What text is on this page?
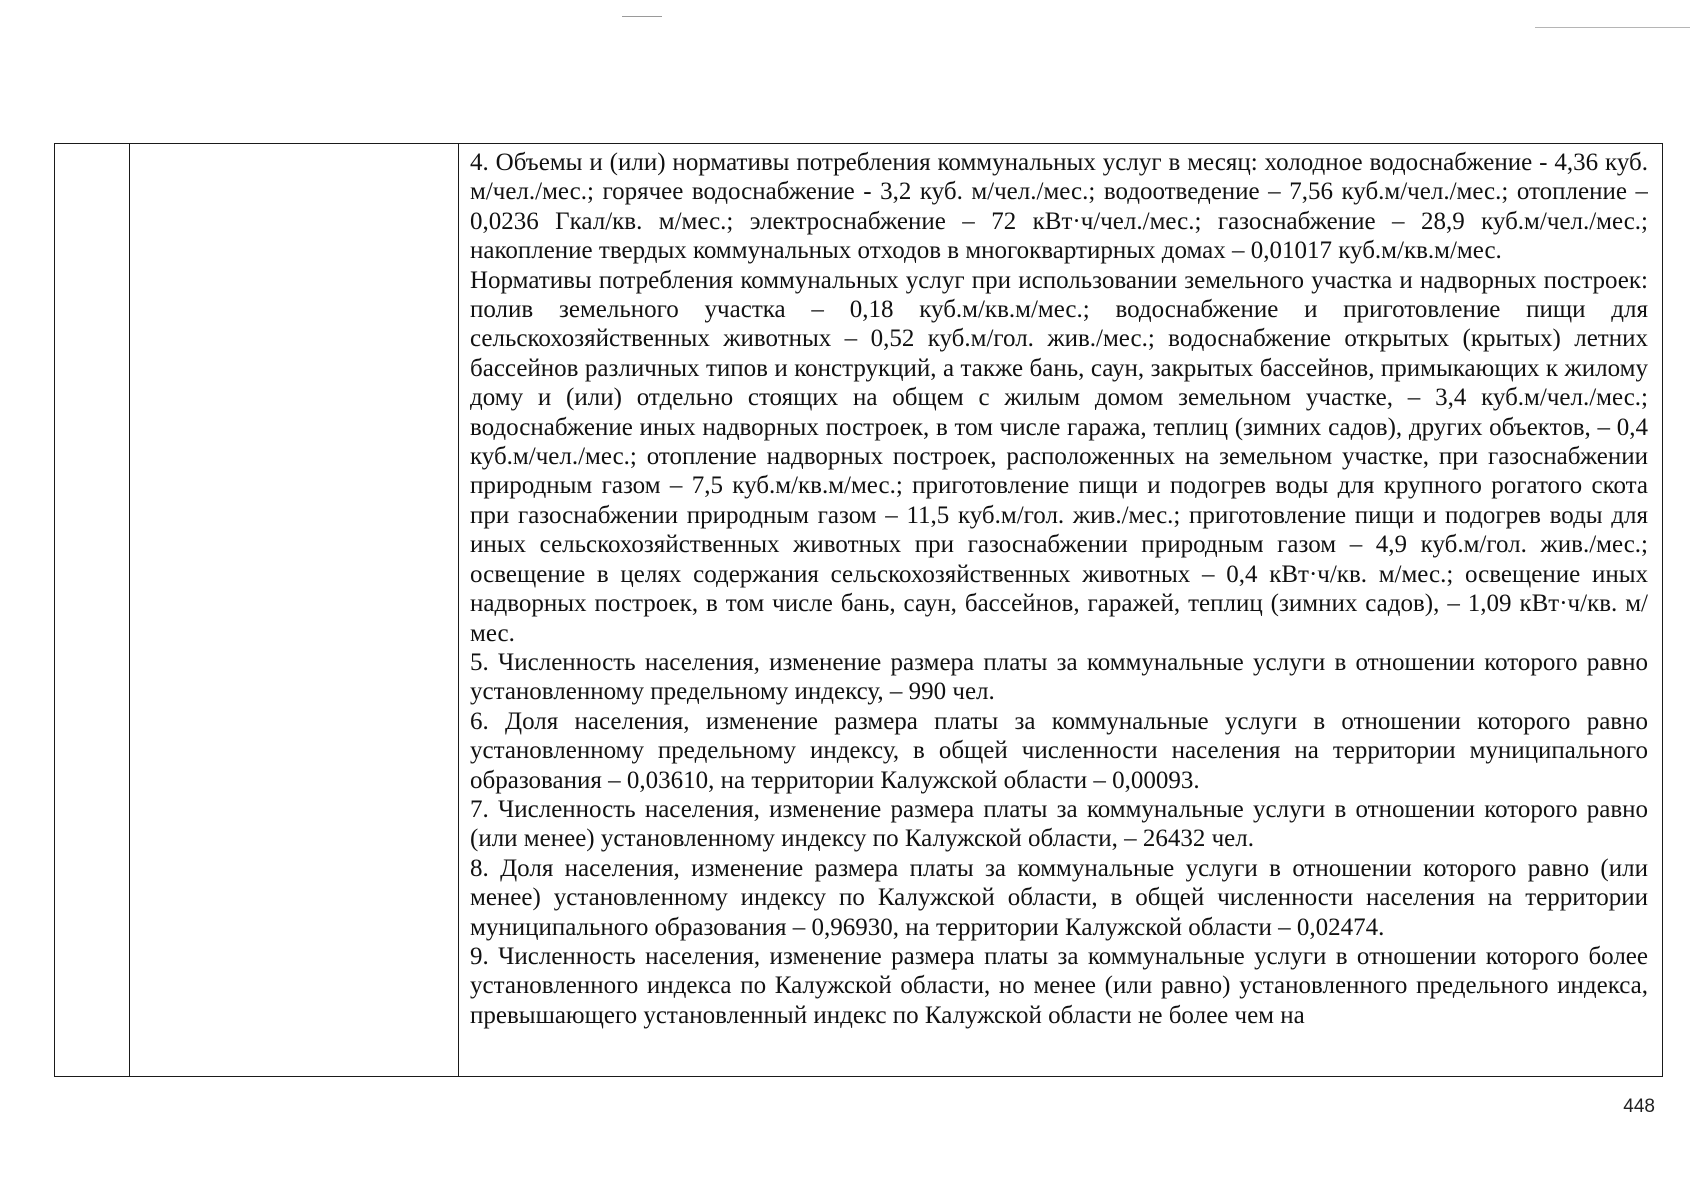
4. Объемы и (или) нормативы потребления коммунальных услуг в месяц: холодное водоснабжение - 4,36 куб. м/чел./мес.; горячее водоснабжение - 3,2 куб. м/чел./мес.; водоотведение – 7,56 куб.м/чел./мес.; отопление – 0,0236 Гкал/кв. м/мес.; электроснабжение – 72 кВт·ч/чел./мес.; газоснабжение – 28,9 куб.м/чел./мес.; накопление твердых коммунальных отходов в многоквартирных домах – 0,01017 куб.м/кв.м/мес.

Нормативы потребления коммунальных услуг при использовании земельного участка и надворных построек: полив земельного участка – 0,18 куб.м/кв.м/мес.; водоснабжение и приготовление пищи для сельскохозяйственных животных – 0,52 куб.м/гол. жив./мес.; водоснабжение открытых (крытых) летних бассейнов различных типов и конструкций, а также бань, саун, закрытых бассейнов, примыкающих к жилому дому и (или) отдельно стоящих на общем с жилым домом земельном участке, – 3,4 куб.м/чел./мес.; водоснабжение иных надворных построек, в том числе гаража, теплиц (зимних садов), других объектов, – 0,4 куб.м/чел./мес.; отопление надворных построек, расположенных на земельном участке, при газоснабжении природным газом – 7,5 куб.м/кв.м/мес.; приготовление пищи и подогрев воды для крупного рогатого скота при газоснабжении природным газом – 11,5 куб.м/гол. жив./мес.; приготовление пищи и подогрев воды для иных сельскохозяйственных животных при газоснабжении природным газом – 4,9 куб.м/гол. жив./мес.; освещение в целях содержания сельскохозяйственных животных – 0,4 кВт·ч/кв. м/мес.; освещение иных надворных построек, в том числе бань, саун, бассейнов, гаражей, теплиц (зимних садов), – 1,09 кВт·ч/кв. м/мес.

5. Численность населения, изменение размера платы за коммунальные услуги в отношении которого равно установленному предельному индексу, – 990 чел.

6. Доля населения, изменение размера платы за коммунальные услуги в отношении которого равно установленному предельному индексу, в общей численности населения на территории муниципального образования – 0,03610, на территории Калужской области – 0,00093.

7. Численность населения, изменение размера платы за коммунальные услуги в отношении которого равно (или менее) установленному индексу по Калужской области, – 26432 чел.

8. Доля населения, изменение размера платы за коммунальные услуги в отношении которого равно (или менее) установленному индексу по Калужской области, в общей численности населения на территории муниципального образования – 0,96930, на территории Калужской области – 0,02474.

9. Численность населения, изменение размера платы за коммунальные услуги в отношении которого более установленного индекса по Калужской области, но менее (или равно) установленного предельного индекса, превышающего установленный индекс по Калужской области не более чем на

448
